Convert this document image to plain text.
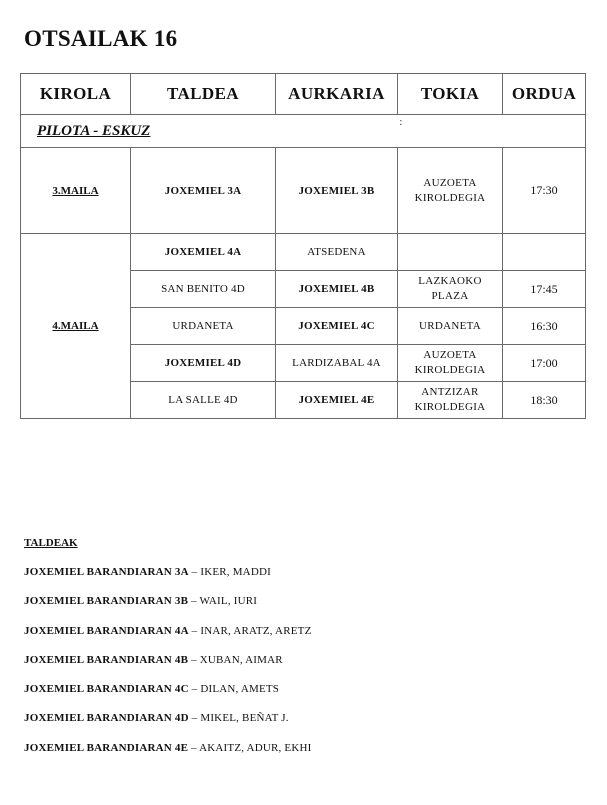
OTSAILAK 16
KIROLA	TALDEA	AURKARIA	TOKIA	ORDUA
PILOTA - ESKUZ			:	

3.MAILA	JOXEMIEL 3A	JOXEMIEL 3B	AUZOETA KIROLDEGIA	17:30
4.MAILA	JOXEMIEL 4A	ATSEDENA		
	SAN BENITO 4D	JOXEMIEL 4B	LAZKAOKO PLAZA	17:45
	URDANETA	JOXEMIEL 4C	URDANETA	16:30
	JOXEMIEL 4D	LARDIZABAL 4A	AUZOETA KIROLDEGIA	17:00
	LA SALLE 4D	JOXEMIEL 4E	ANTZIZAR KIROLDEGIA	18:30
TALDEAK
JOXEMIEL BARANDIARAN 3A – IKER, MADDI
JOXEMIEL BARANDIARAN 3B – WAIL, IURI
JOXEMIEL BARANDIARAN 4A – INAR, ARATZ, ARETZ
JOXEMIEL BARANDIARAN 4B – XUBAN, AIMAR
JOXEMIEL BARANDIARAN 4C – DILAN, AMETS
JOXEMIEL BARANDIARAN 4D – MIKEL, BEÑAT J.
JOXEMIEL BARANDIARAN 4E – AKAITZ, ADUR, EKHI
